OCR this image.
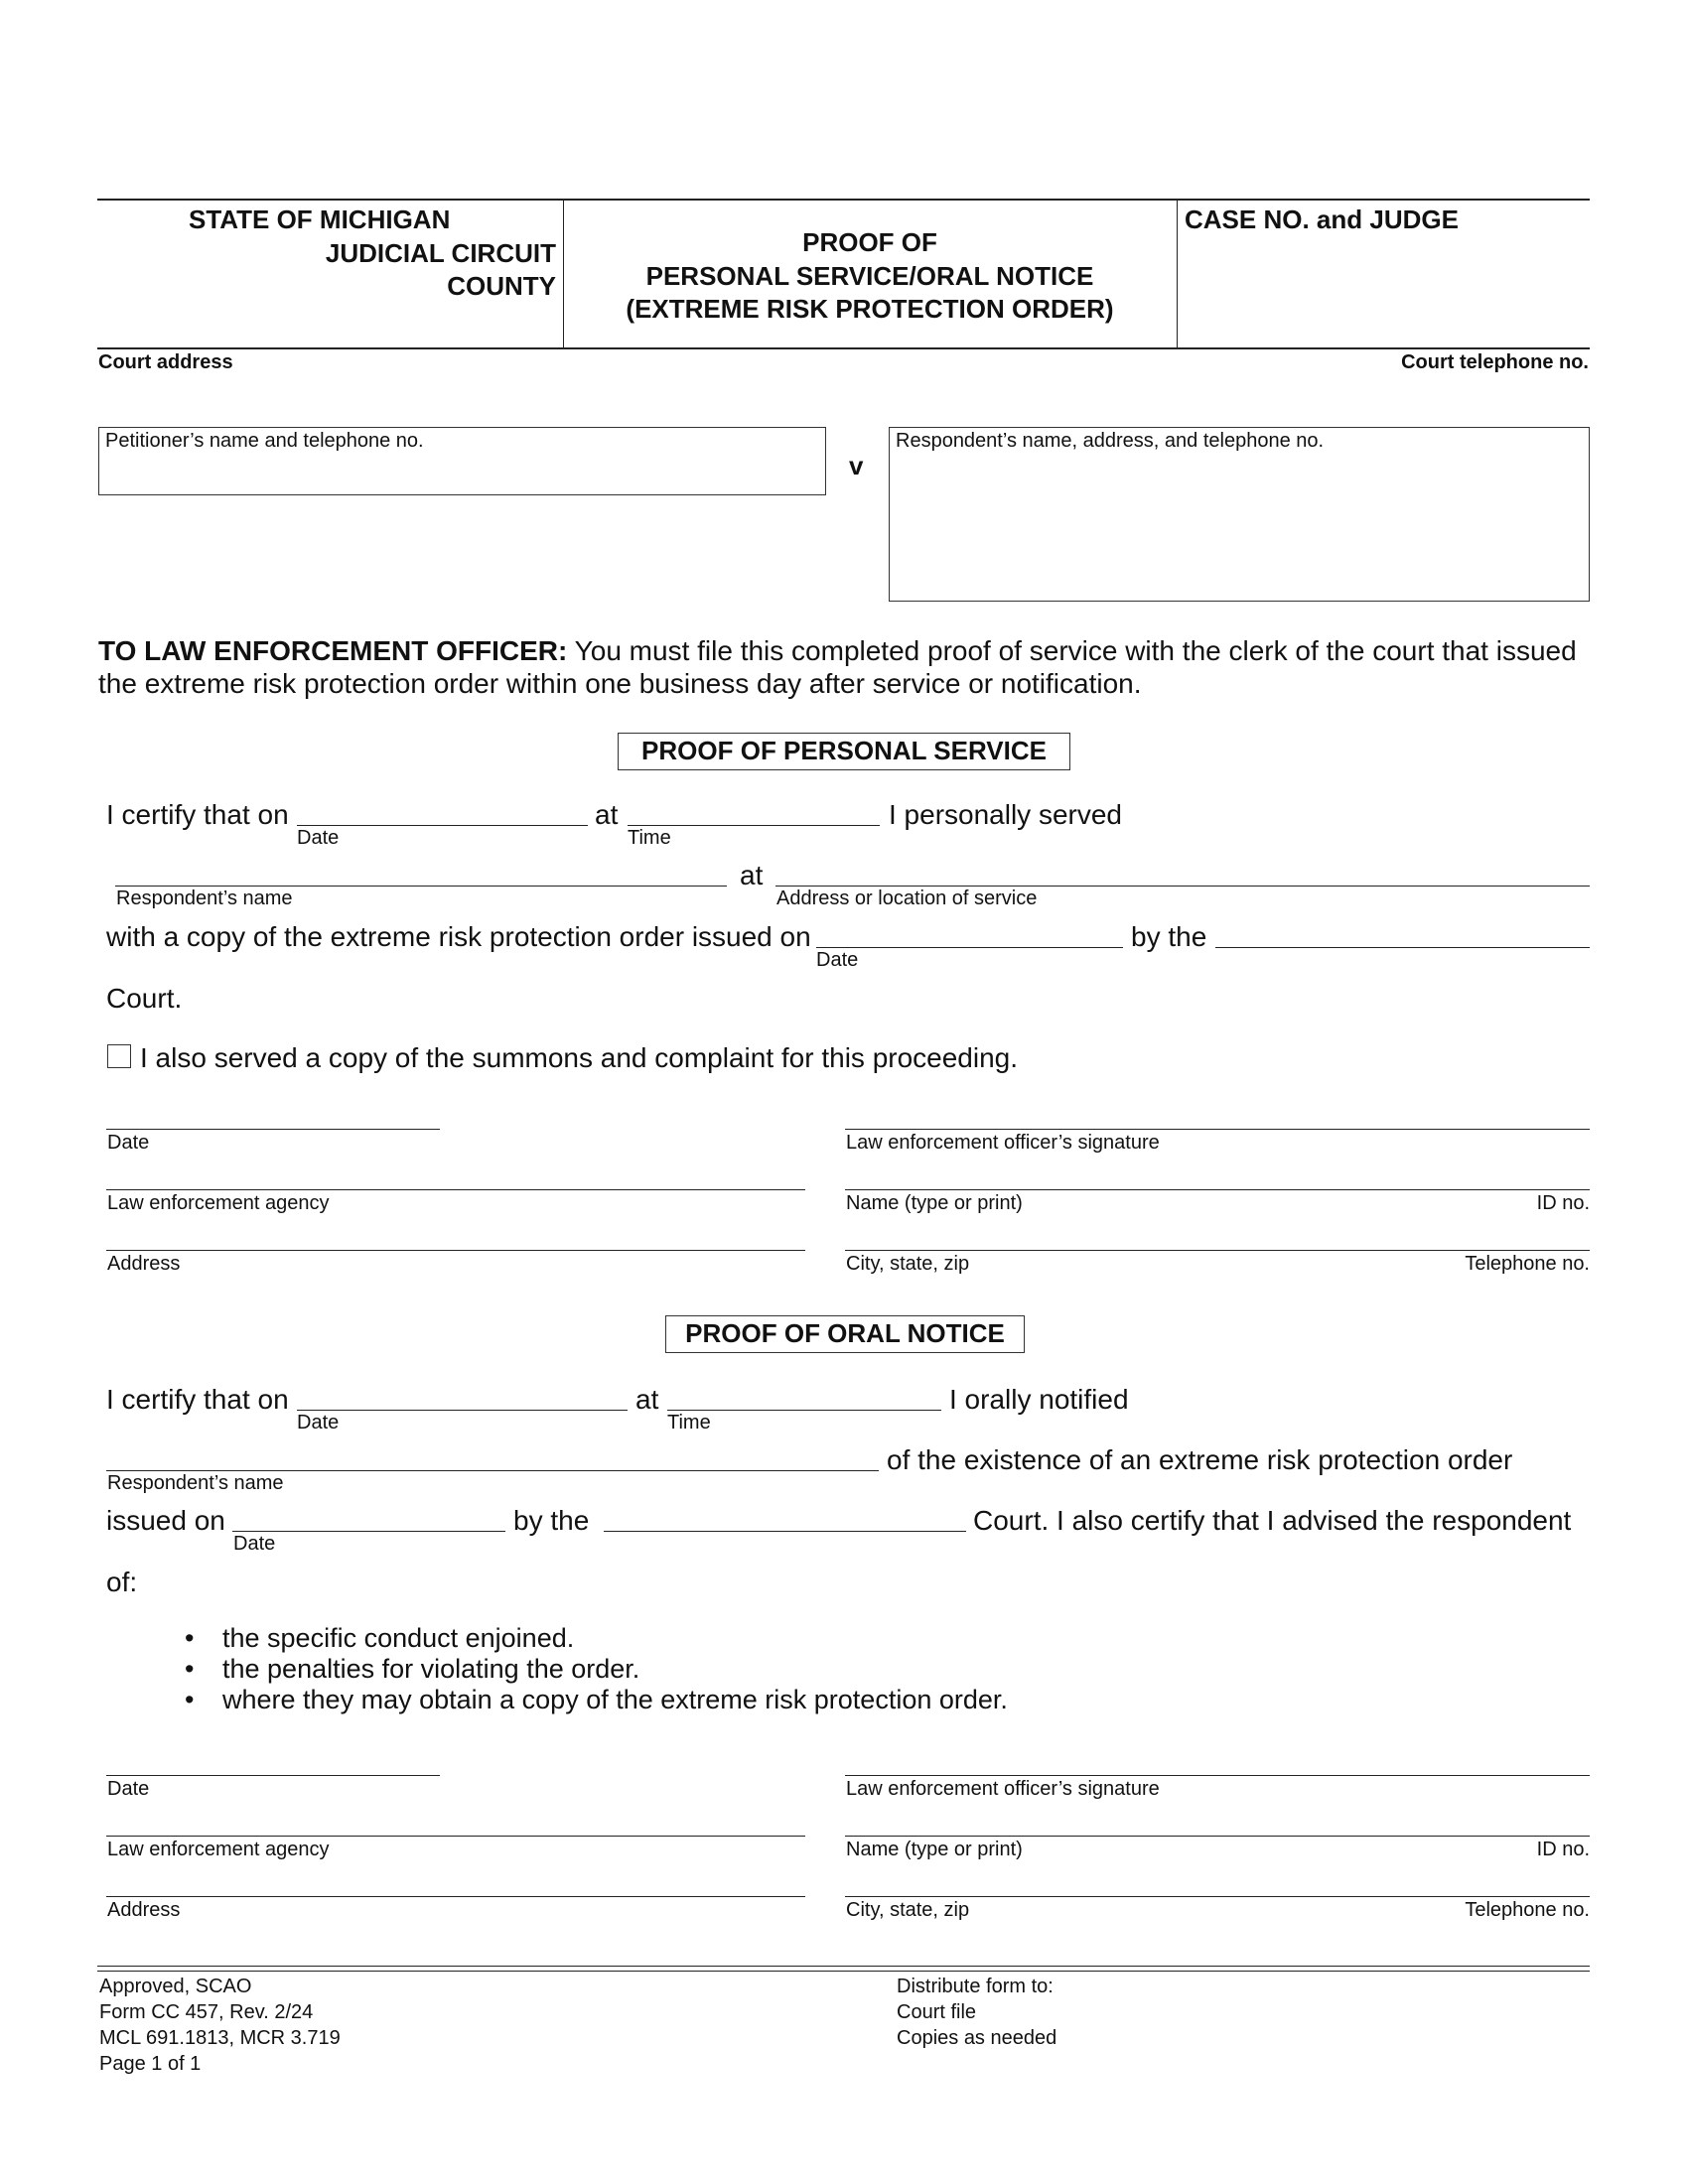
STATE OF MICHIGAN
JUDICIAL CIRCUIT
COUNTY
PROOF OF
PERSONAL SERVICE/ORAL NOTICE
(EXTREME RISK PROTECTION ORDER)
CASE NO. and JUDGE
Court address	Court telephone no.
Petitioner’s name and telephone no.
v
Respondent’s name, address, and telephone no.
TO LAW ENFORCEMENT OFFICER: You must file this completed proof of service with the clerk of the court that issued
the extreme risk protection order within one business day after service or notification.
PROOF OF PERSONAL SERVICE
I certify that on
Date
at
Time
I personally served
Respondent’s name
at
Address or location of service
with a copy of the extreme risk protection order issued on
Date
by the
Court.
I also served a copy of the summons and complaint for this proceeding.
Date	Law enforcement officer’s signature
Law enforcement agency	Name (type or print)	ID no.
Address	City, state, zip	Telephone no.
PROOF OF ORAL NOTICE
I certify that on
Date
at
Time
I orally notified
Respondent’s name
of the existence of an extreme risk protection order
issued on
Date
by the	Court. I also certify that I advised the respondent
of:
• the specific conduct enjoined.
• the penalties for violating the order.
• where they may obtain a copy of the extreme risk protection order.
Date	Law enforcement officer’s signature
Law enforcement agency	Name (type or print)	ID no.
Address	City, state, zip	Telephone no.
Approved, SCAO
Form CC 457, Rev. 2/24
MCL 691.1813, MCR 3.719
Page 1 of 1
Distribute form to:
Court file
Copies as needed
